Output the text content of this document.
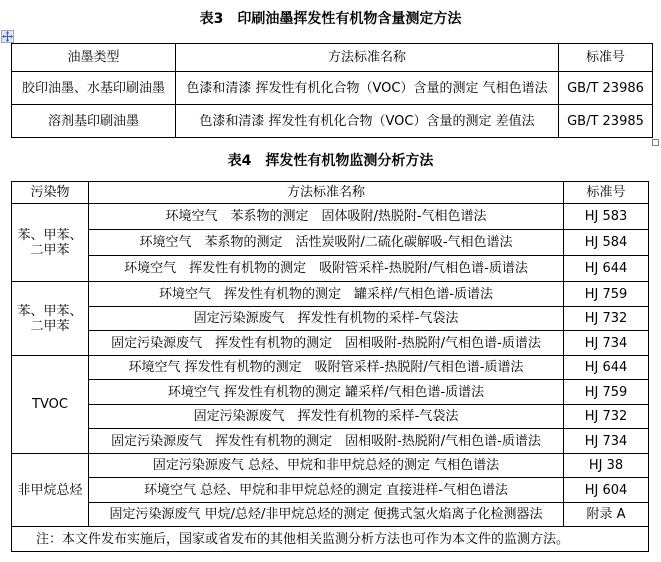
表3　印刷油墨挥发性有机物含量测定方法
油墨类型	方法标准名称	标准号
胶印油墨、水基印刷油墨	色漆和清漆 挥发性有机化合物（VOC）含量的测定 气相色谱法	GB/T 23986
溶剂基印刷油墨	色漆和清漆 挥发性有机化合物（VOC）含量的测定 差值法	GB/T 23985
表4　挥发性有机物监测分析方法
污染物	方法标准名称	标准号
苯、甲苯、二甲苯	环境空气　苯系物的测定　固体吸附/热脱附-气相色谱法	HJ 583
	环境空气　苯系物的测定　活性炭吸附/二硫化碳解吸-气相色谱法	HJ 584
	环境空气　挥发性有机物的测定　吸附管采样-热脱附/气相色谱-质谱法	HJ 644
苯、甲苯、二甲苯	环境空气　挥发性有机物的测定　罐采样/气相色谱-质谱法	HJ 759
	固定污染源废气　挥发性有机物的采样-气袋法	HJ 732
	固定污染源废气　挥发性有机物的测定　固相吸附-热脱附/气相色谱-质谱法	HJ 734
TVOC	环境空气 挥发性有机物的测定　吸附管采样-热脱附/气相色谱-质谱法	HJ 644
	环境空气 挥发性有机物的测定 罐采样/气相色谱-质谱法	HJ 759
	固定污染源废气　挥发性有机物的采样-气袋法	HJ 732
	固定污染源废气　挥发性有机物的测定　固相吸附-热脱附/气相色谱-质谱法	HJ 734
非甲烷总烃	固定污染源废气 总烃、甲烷和非甲烷总烃的测定 气相色谱法	HJ 38
	环境空气 总烃、甲烷和非甲烷总烃的测定 直接进样-气相色谱法	HJ 604
	固定污染源废气 甲烷/总烃/非甲烷总烃的测定 便携式氢火焰离子化检测器法	附录 A
注：本文件发布实施后，国家或省发布的其他相关监测分析方法也可作为本文件的监测方法。		
